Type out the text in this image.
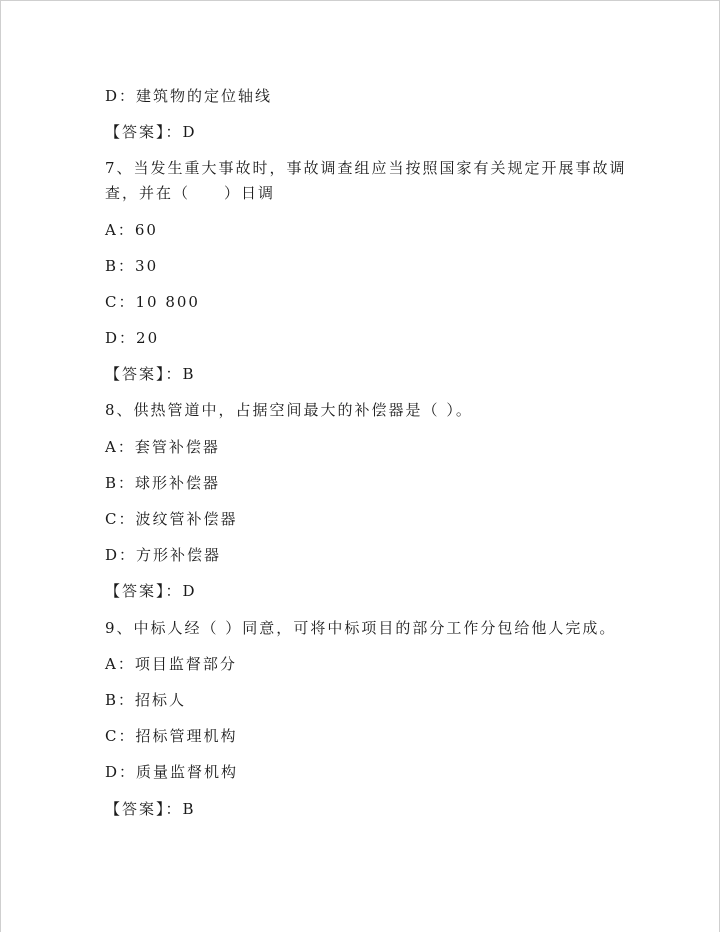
D：建筑物的定位轴线
【答案】：D
7、当发生重大事故时，事故调查组应当按照国家有关规定开展事故调
查，并在（　　）日调
A：60
B：30
C：10 800
D：20
【答案】：B
8、供热管道中，占据空间最大的补偿器是（ ）。
A：套管补偿器
B：球形补偿器
C：波纹管补偿器
D：方形补偿器
【答案】：D
9、中标人经（ ）同意，可将中标项目的部分工作分包给他人完成。
A：项目监督部分
B：招标人
C：招标管理机构
D：质量监督机构
【答案】：B
